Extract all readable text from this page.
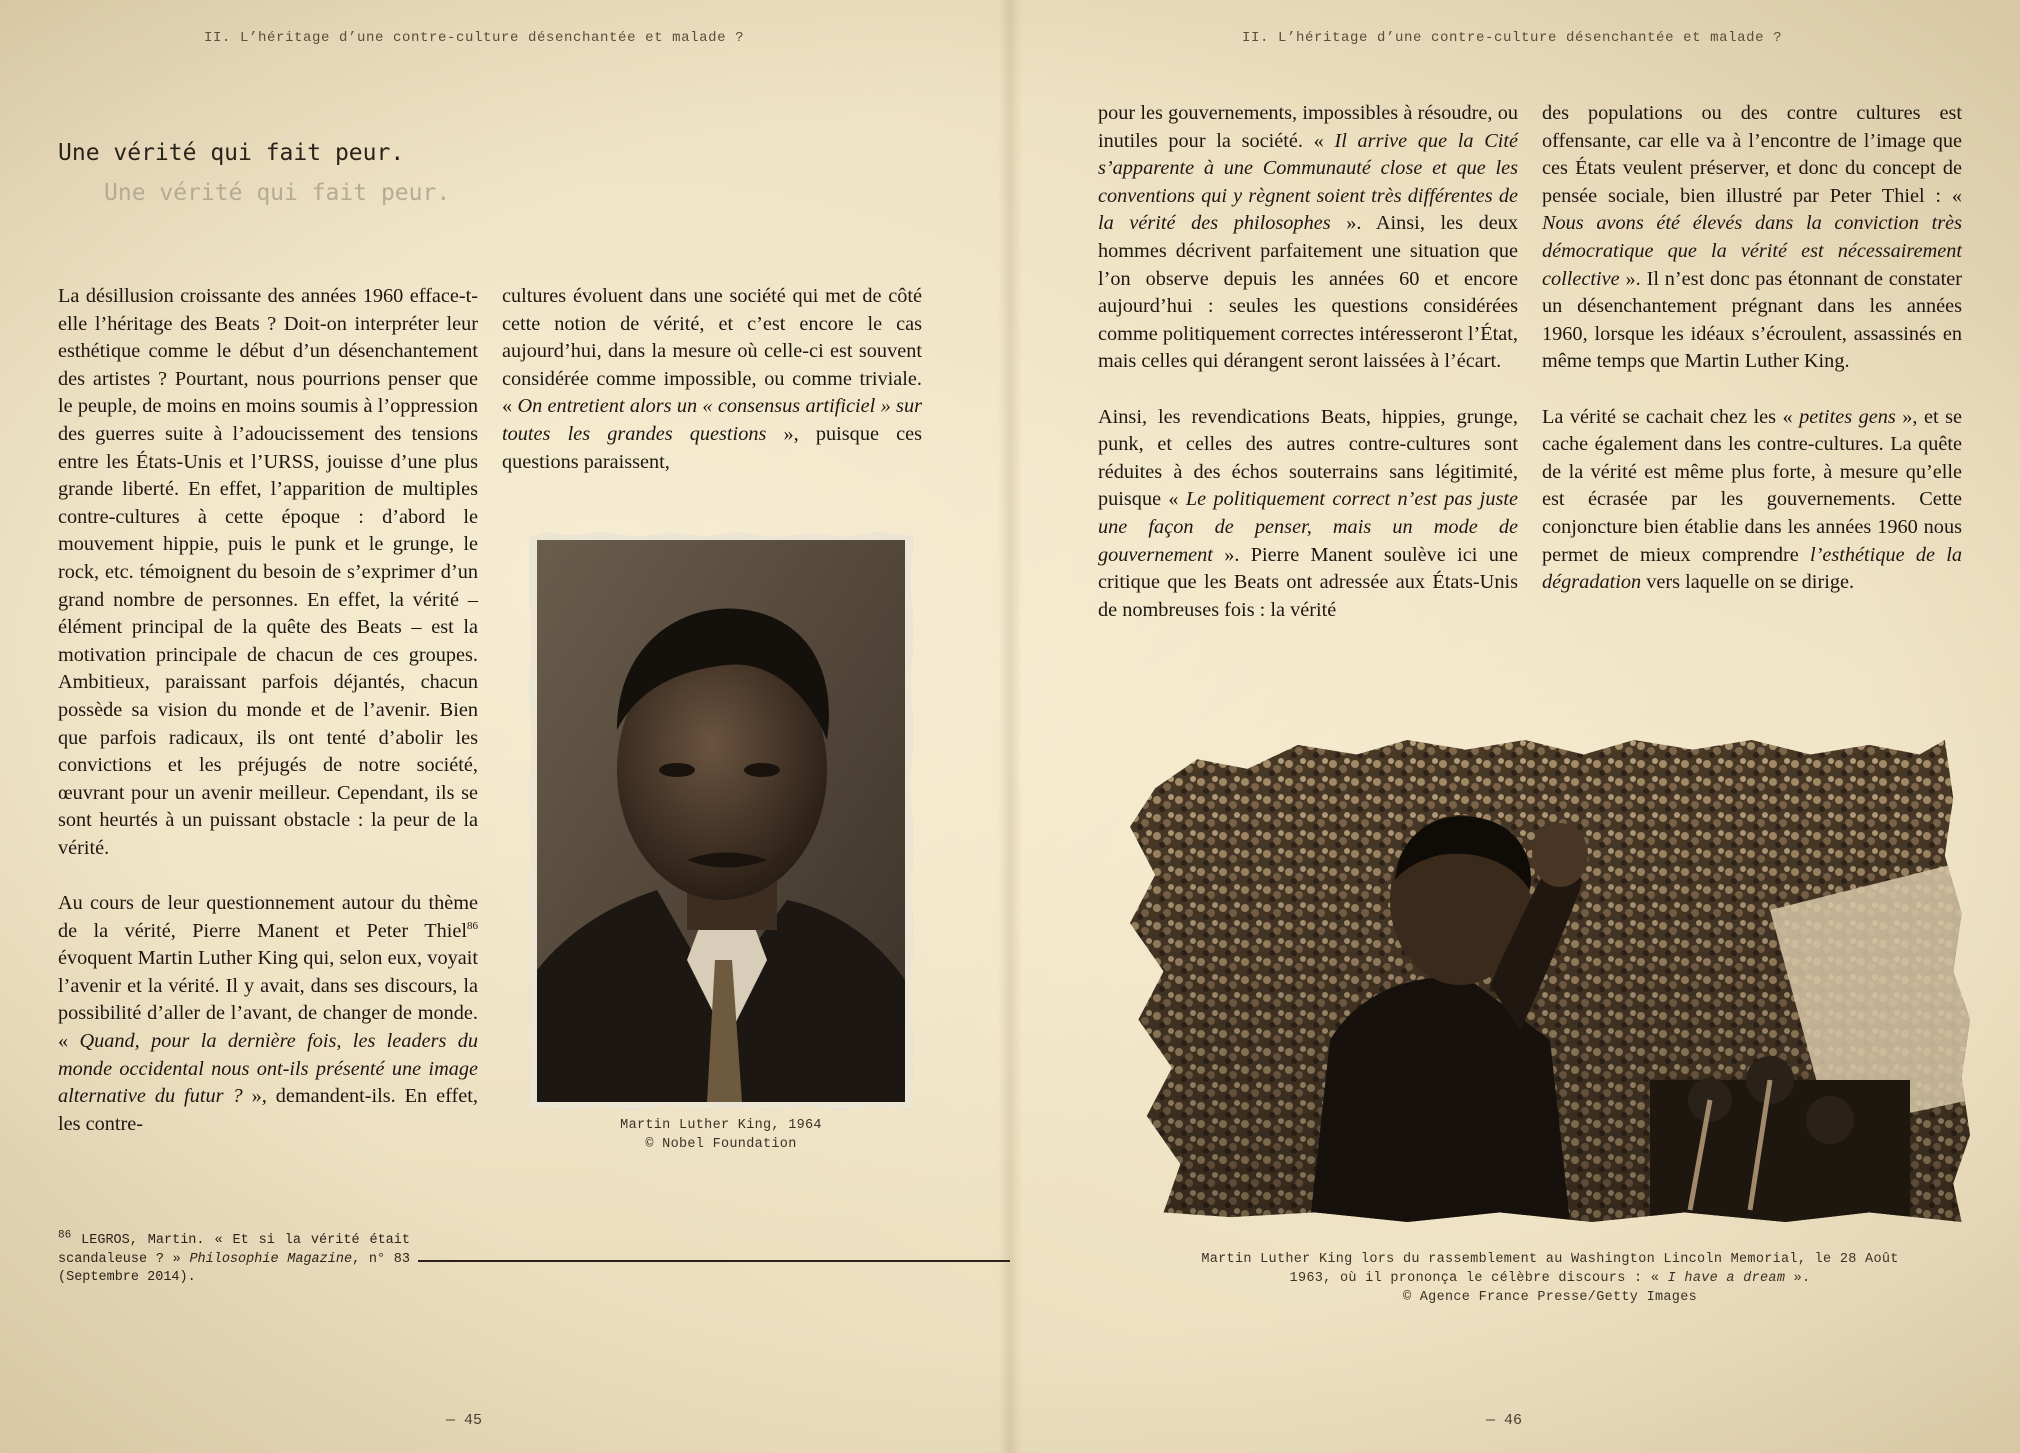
II. L’héritage d’une contre-culture désenchantée et malade ?
Une vérité qui fait peur.
Une vérité qui fait peur.

La désillusion croissante des années 1960 efface-t-elle l’héritage des Beats ? Doit-on interpréter leur esthétique comme le début d’un désenchantement des artistes ? Pourtant, nous pourrions penser que le peuple, de moins en moins soumis à l’oppression des guerres suite à l’adoucissement des tensions entre les États-Unis et l’URSS, jouisse d’une plus grande liberté. En effet, l’apparition de multiples contre-cultures à cette époque : d’abord le mouvement hippie, puis le punk et le grunge, le rock, etc. témoignent du besoin de s’exprimer d’un grand nombre de personnes. En effet, la vérité – élément principal de la quête des Beats – est la motivation principale de chacun de ces groupes. Ambitieux, paraissant parfois déjantés, chacun possède sa vision du monde et de l’avenir. Bien que parfois radicaux, ils ont tenté d’abolir les convictions et les préjugés de notre société, œuvrant pour un avenir meilleur. Cependant, ils se sont heurtés à un puissant obstacle : la peur de la vérité.

Au cours de leur questionnement autour du thème de la vérité, Pierre Manent et Peter Thiel$^{86}$ évoquent Martin Luther King qui, selon eux, voyait l’avenir et la vérité. Il y avait, dans ses discours, la possibilité d’aller de l’avant, de changer de monde. « Quand, pour la dernière fois, les leaders du monde occidental nous ont-ils présenté une image alternative du futur ? », demandent-ils. En effet, les contre-

cultures évoluent dans une société qui met de côté cette notion de vérité, et c’est encore le cas aujourd’hui, dans la mesure où celle-ci est souvent considérée comme impossible, ou comme triviale. « On entretient alors un « consensus artificiel » sur toutes les grandes questions », puisque ces questions paraissent,

Martin Luther King, 1964
© Nobel Foundation
$^{86}$ LEGROS, Martin. « Et si la vérité était scandaleuse ? » Philosophie Magazine, n° 83 (Septembre 2014).
— 45
II. L’héritage d’une contre-culture désenchantée et malade ?

pour les gouvernements, impossibles à résoudre, ou inutiles pour la société. « Il arrive que la Cité s’apparente à une Communauté close et que les conventions qui y règnent soient très différentes de la vérité des philosophes ». Ainsi, les deux hommes décrivent parfaitement une situation que l’on observe depuis les années 60 et encore aujourd’hui : seules les questions considérées comme politiquement correctes intéresseront l’État, mais celles qui dérangent seront laissées à l’écart.

Ainsi, les revendications Beats, hippies, grunge, punk, et celles des autres contre-cultures sont réduites à des échos souterrains sans légitimité, puisque « Le politiquement correct n’est pas juste une façon de penser, mais un mode de gouvernement ». Pierre Manent soulève ici une critique que les Beats ont adressée aux États-Unis de nombreuses fois : la vérité

des populations ou des contre cultures est offensante, car elle va à l’encontre de l’image que ces États veulent préserver, et donc du concept de pensée sociale, bien illustré par Peter Thiel : « Nous avons été élevés dans la conviction très démocratique que la vérité est nécessairement collective ». Il n’est donc pas étonnant de constater un désenchantement prégnant dans les années 1960, lorsque les idéaux s’écroulent, assassinés en même temps que Martin Luther King.

La vérité se cachait chez les « petites gens », et se cache également dans les contre-cultures. La quête de la vérité est même plus forte, à mesure qu’elle est écrasée par les gouvernements. Cette conjoncture bien établie dans les années 1960 nous permet de mieux comprendre l’esthétique de la dégradation vers laquelle on se dirige.

Martin Luther King lors du rassemblement au Washington Lincoln Memorial, le 28 Août
1963, où il prononça le célèbre discours : « I have a dream ».
© Agence France Presse/Getty Images
— 46
